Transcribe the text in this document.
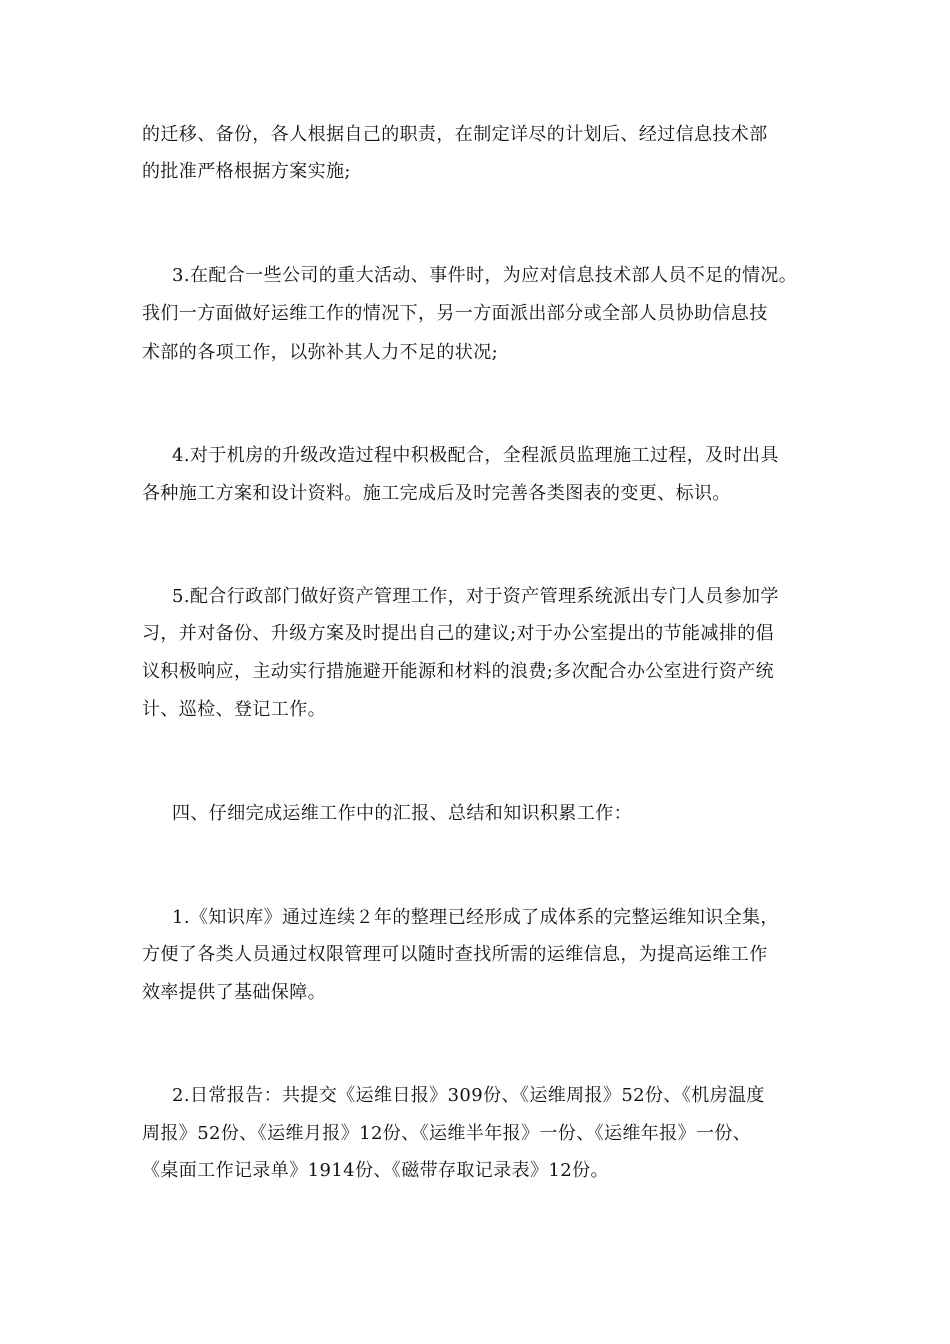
的迁移、备份，各人根据自己的职责，在制定详尽的计划后、经过信息技术部
的批准严格根据方案实施;
3.在配合一些公司的重大活动、事件时，为应对信息技术部人员不足的情况。
我们一方面做好运维工作的情况下，另一方面派出部分或全部人员协助信息技
术部的各项工作，以弥补其人力不足的状况;
4.对于机房的升级改造过程中积极配合，全程派员监理施工过程，及时出具
各种施工方案和设计资料。施工完成后及时完善各类图表的变更、标识。
5.配合行政部门做好资产管理工作，对于资产管理系统派出专门人员参加学
习，并对备份、升级方案及时提出自己的建议;对于办公室提出的节能减排的倡
议积极响应，主动实行措施避开能源和材料的浪费;多次配合办公室进行资产统
计、巡检、登记工作。
四、仔细完成运维工作中的汇报、总结和知识积累工作：
1.《知识库》通过连续２年的整理已经形成了成体系的完整运维知识全集，
方便了各类人员通过权限管理可以随时查找所需的运维信息，为提高运维工作
效率提供了基础保障。
2.日常报告：共提交《运维日报》309份、《运维周报》52份、《机房温度
周报》52份、《运维月报》12份、《运维半年报》一份、《运维年报》一份、
《桌面工作记录单》1914份、《磁带存取记录表》12份。
